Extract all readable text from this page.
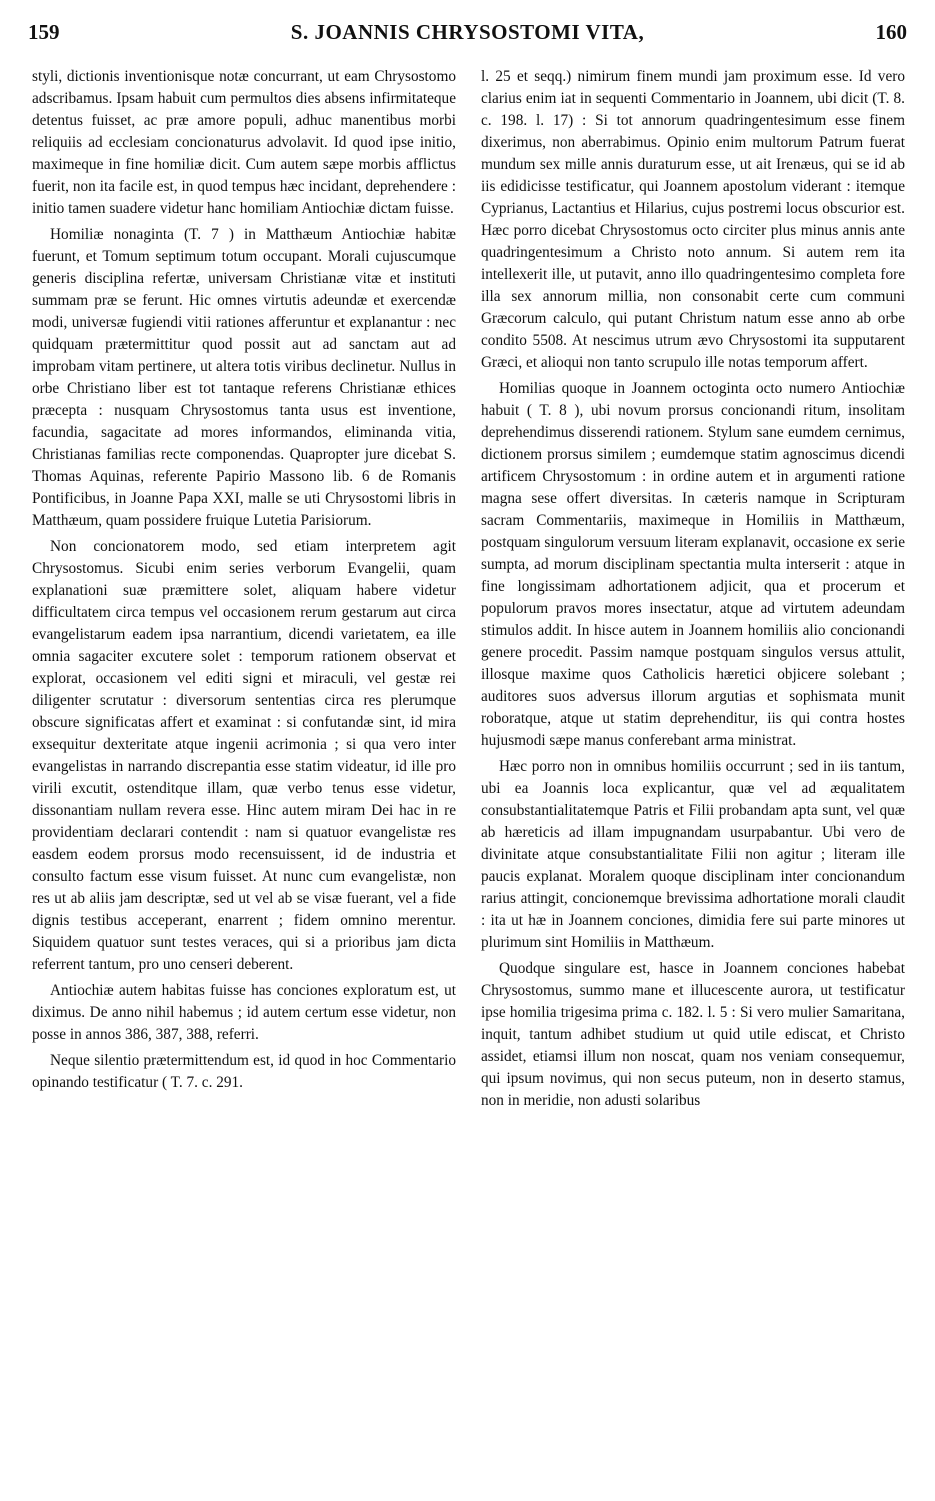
159	S. JOANNIS CHRYSOSTOMI VITA,	160

styli, dictionis inventionisque notæ concurrant, ut eam Chrysostomo adscribamus. Ipsam habuit cum permultos dies absens infirmitateque detentus fuisset, ac præ amore populi, adhuc manentibus morbi reliquiis ad ecclesiam concionaturus advolavit. Id quod ipse initio, maximeque in fine homiliæ dicit. Cum autem sæpe morbis afflictus fuerit, non ita facile est, in quod tempus hæc incidant, deprehendere : initio tamen suadere videtur hanc homiliam Antiochiæ dictam fuisse.

Homiliæ nonaginta (T. 7 ) in Matthæum Antiochiæ habitæ fuerunt, et Tomum septimum totum occupant. Morali cujuscumque generis disciplina refertæ, universam Christianæ vitæ et instituti summam præ se ferunt. Hic omnes virtutis adeundæ et exercendæ modi, universæ fugiendi vitii rationes afferuntur et explanantur : nec quidquam prætermittitur quod possit aut ad sanctam aut ad improbam vitam pertinere, ut altera totis viribus declinetur. Nullus in orbe Christiano liber est tot tantaque referens Christianæ ethices præcepta : nusquam Chrysostomus tanta usus est inventione, facundia, sagacitate ad mores informandos, eliminanda vitia, Christianas familias recte componendas. Quapropter jure dicebat S. Thomas Aquinas, referente Papirio Massono lib. 6 de Romanis Pontificibus, in Joanne Papa XXI, malle se uti Chrysostomi libris in Matthæum, quam possidere fruique Lutetia Parisiorum.

Non concionatorem modo, sed etiam interpretem agit Chrysostomus. Sicubi enim series verborum Evangelii, quam explanationi suæ præmittere solet, aliquam habere videtur difficultatem circa tempus vel occasionem rerum gestarum aut circa evangelistarum eadem ipsa narrantium, dicendi varietatem, ea ille omnia sagaciter excutere solet : temporum rationem observat et explorat, occasionem vel editi signi et miraculi, vel gestæ rei diligenter scrutatur : diversorum sententias circa res plerumque obscure significatas affert et examinat : si confutandæ sint, id mira exsequitur dexteritate atque ingenii acrimonia ; si qua vero inter evangelistas in narrando discrepantia esse statim videatur, id ille pro virili excutit, ostenditque illam, quæ verbo tenus esse videtur, dissonantiam nullam revera esse. Hinc autem miram Dei hac in re providentiam declarari contendit : nam si quatuor evangelistæ res easdem eodem prorsus modo recensuissent, id de industria et consulto factum esse visum fuisset. At nunc cum evangelistæ, non res ut ab aliis jam descriptæ, sed ut vel ab se visæ fuerant, vel a fide dignis testibus acceperant, enarrent ; fidem omnino merentur. Siquidem quatuor sunt testes veraces, qui si a prioribus jam dicta referrent tantum, pro uno censeri deberent.

Antiochiæ autem habitas fuisse has conciones exploratum est, ut diximus. De anno nihil habemus ; id autem certum esse videtur, non posse in annos 386, 387, 388, referri.

Neque silentio prætermittendum est, id quod in hoc Commentario opinando testificatur ( T. 7. c. 291.

l. 25 et seqq.) nimirum finem mundi jam proximum esse. Id vero clarius enim iat in sequenti Commentario in Joannem, ubi dicit (T. 8. c. 198. l. 17) : Si tot annorum quadringentesimum esse finem dixerimus, non aberrabimus. Opinio enim multorum Patrum fuerat mundum sex mille annis duraturum esse, ut ait Irenæus, qui se id ab iis edidicisse testificatur, qui Joannem apostolum viderant : itemque Cyprianus, Lactantius et Hilarius, cujus postremi locus obscurior est. Hæc porro dicebat Chrysostomus octo circiter plus minus annis ante quadringentesimum a Christo noto annum. Si autem rem ita intellexerit ille, ut putavit, anno illo quadringentesimo completa fore illa sex annorum millia, non consonabit certe cum communi Græcorum calculo, qui putant Christum natum esse anno ab orbe condito 5508. At nescimus utrum ævo Chrysostomi ita supputarent Græci, et alioqui non tanto scrupulo ille notas temporum affert.

Homilias quoque in Joannem octoginta octo numero Antiochiæ habuit ( T. 8 ), ubi novum prorsus concionandi ritum, insolitam deprehendimus disserendi rationem. Stylum sane eumdem cernimus, dictionem prorsus similem ; eumdemque statim agnoscimus dicendi artificem Chrysostomum : in ordine autem et in argumenti ratione magna sese offert diversitas. In cæteris namque in Scripturam sacram Commentariis, maximeque in Homiliis in Matthæum, postquam singulorum versuum literam explanavit, occasione ex serie sumpta, ad morum disciplinam spectantia multa interserit : atque in fine longissimam adhortationem adjicit, qua et procerum et populorum pravos mores insectatur, atque ad virtutem adeundam stimulos addit. In hisce autem in Joannem homiliis alio concionandi genere procedit. Passim namque postquam singulos versus attulit, illosque maxime quos Catholicis hæretici objicere solebant ; auditores suos adversus illorum argutias et sophismata munit roboratque, atque ut statim deprehenditur, iis qui contra hostes hujusmodi sæpe manus conferebant arma ministrat.

Hæc porro non in omnibus homiliis occurrunt ; sed in iis tantum, ubi ea Joannis loca explicantur, quæ vel ad æqualitatem consubstantialitatemque Patris et Filii probandam apta sunt, vel quæ ab hæreticis ad illam impugnandam usurpabantur. Ubi vero de divinitate atque consubstantialitate Filii non agitur ; literam ille paucis explanat. Moralem quoque disciplinam inter concionandum rarius attingit, concionemque brevissima adhortatione morali claudit : ita ut hæ in Joannem conciones, dimidia fere sui parte minores ut plurimum sint Homiliis in Matthæum.

Quodque singulare est, hasce in Joannem conciones habebat Chrysostomus, summo mane et illucescente aurora, ut testificatur ipse homilia trigesima prima c. 182. l. 5 : Si vero mulier Samaritana, inquit, tantum adhibet studium ut quid utile ediscat, et Christo assidet, etiamsi illum non noscat, quam nos veniam consequemur, qui ipsum novimus, qui non secus puteum, non in deserto stamus, non in meridie, non adusti solaribus
